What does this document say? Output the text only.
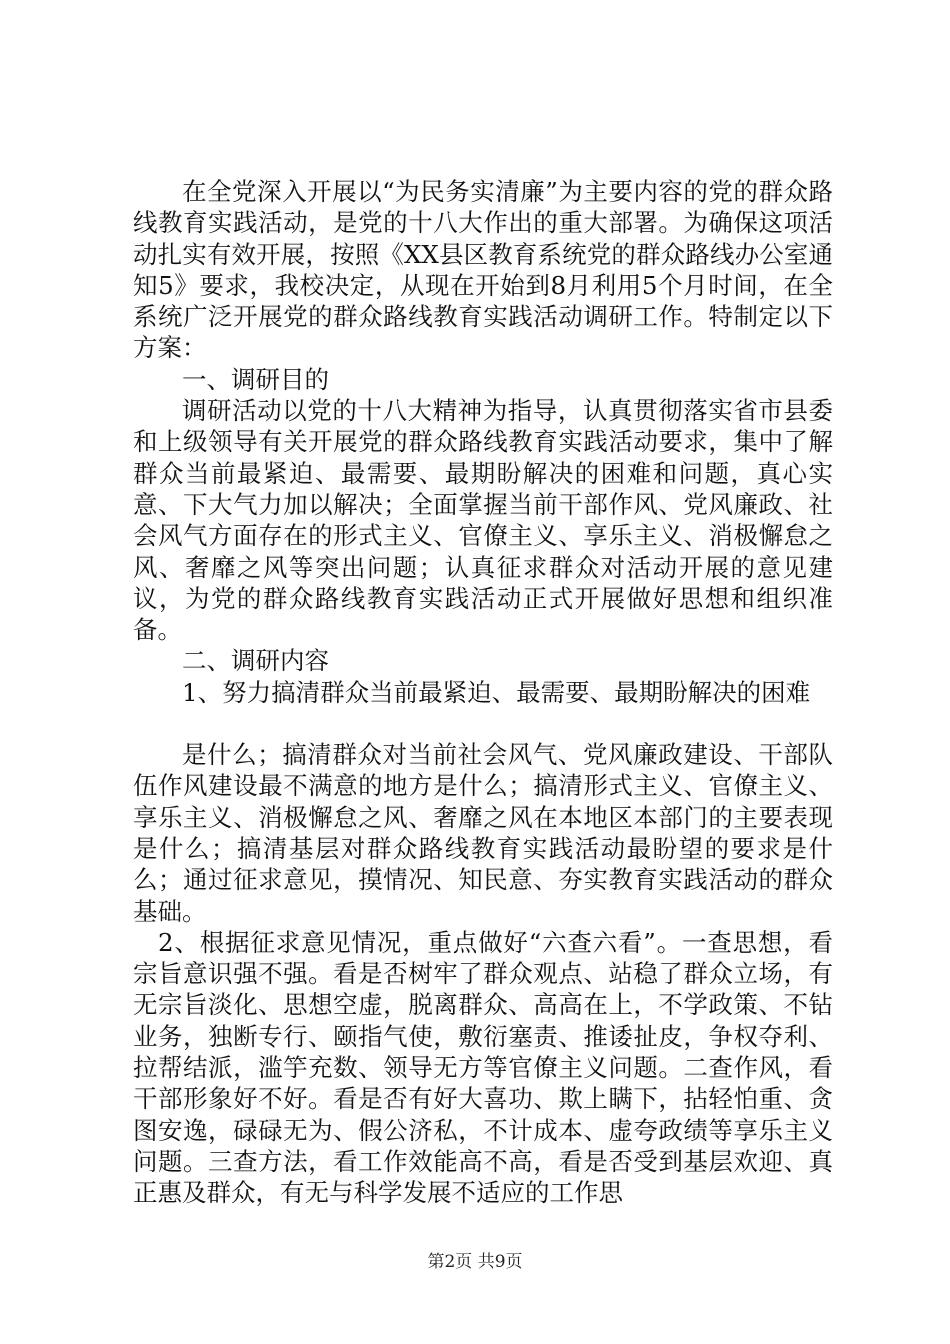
在全党深入开展以“为民务实清廉”为主要内容的党的群众路线教育实践活动，是党的十八大作出的重大部署。为确保这项活动扎实有效开展，按照《XX县区教育系统党的群众路线办公室通知5》要求，我校决定，从现在开始到8月利用5个月时间，在全系统广泛开展党的群众路线教育实践活动调研工作。特制定以下方案：

一、调研目的

调研活动以党的十八大精神为指导，认真贯彻落实省市县委和上级领导有关开展党的群众路线教育实践活动要求，集中了解群众当前最紧迫、最需要、最期盼解决的困难和问题，真心实意、下大气力加以解决；全面掌握当前干部作风、党风廉政、社会风气方面存在的形式主义、官僚主义、享乐主义、消极懈怠之风、奢靡之风等突出问题；认真征求群众对活动开展的意见建议，为党的群众路线教育实践活动正式开展做好思想和组织准备。

二、调研内容

1、努力搞清群众当前最紧迫、最需要、最期盼解决的困难

是什么；搞清群众对当前社会风气、党风廉政建设、干部队伍作风建设最不满意的地方是什么；搞清形式主义、官僚主义、享乐主义、消极懈怠之风、奢靡之风在本地区本部门的主要表现是什么；搞清基层对群众路线教育实践活动最盼望的要求是什么；通过征求意见，摸情况、知民意、夯实教育实践活动的群众基础。

2、根据征求意见情况，重点做好“六查六看”。一查思想，看宗旨意识强不强。看是否树牢了群众观点、站稳了群众立场，有无宗旨淡化、思想空虚，脱离群众、高高在上，不学政策、不钻业务，独断专行、颐指气使，敷衍塞责、推诿扯皮，争权夺利、拉帮结派，滥竽充数、领导无方等官僚主义问题。二查作风，看干部形象好不好。看是否有好大喜功、欺上瞒下，拈轻怕重、贪图安逸，碌碌无为、假公济私，不计成本、虚夸政绩等享乐主义问题。三查方法，看工作效能高不高，看是否受到基层欢迎、真正惠及群众，有无与科学发展不适应的工作思

第2页 共9页
